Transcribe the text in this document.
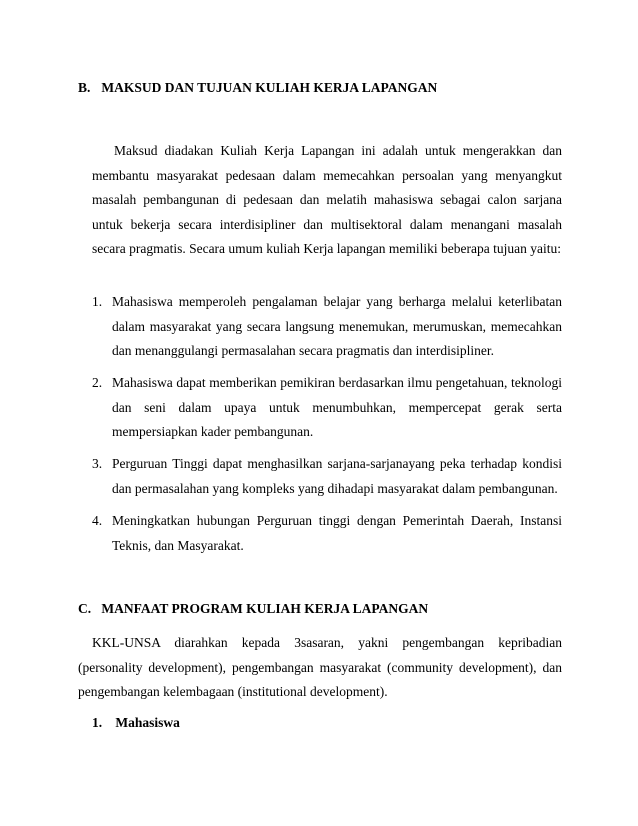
B. MAKSUD DAN TUJUAN KULIAH KERJA LAPANGAN

Maksud diadakan Kuliah Kerja Lapangan ini adalah untuk mengerakkan dan membantu masyarakat pedesaan dalam memecahkan persoalan yang menyangkut masalah pembangunan di pedesaan dan melatih mahasiswa sebagai calon sarjana untuk bekerja secara interdisipliner dan multisektoral dalam menangani masalah secara pragmatis. Secara umum kuliah Kerja lapangan memiliki beberapa tujuan yaitu:

1. Mahasiswa memperoleh pengalaman belajar yang berharga melalui keterlibatan dalam masyarakat yang secara langsung menemukan, merumuskan, memecahkan dan menanggulangi permasalahan secara pragmatis dan interdisipliner.
2. Mahasiswa dapat memberikan pemikiran berdasarkan ilmu pengetahuan, teknologi dan seni dalam upaya untuk menumbuhkan, mempercepat gerak serta mempersiapkan kader pembangunan.
3. Perguruan Tinggi dapat menghasilkan sarjana-sarjanayang peka terhadap kondisi dan permasalahan yang kompleks yang dihadapi masyarakat dalam pembangunan.
4. Meningkatkan hubungan Perguruan tinggi dengan Pemerintah Daerah, Instansi Teknis, dan Masyarakat.
C. MANFAAT PROGRAM KULIAH KERJA LAPANGAN

KKL-UNSA diarahkan kepada 3sasaran, yakni pengembangan kepribadian (personality development), pengembangan masyarakat (community development), dan pengembangan kelembagaan (institutional development).

1. Mahasiswa
